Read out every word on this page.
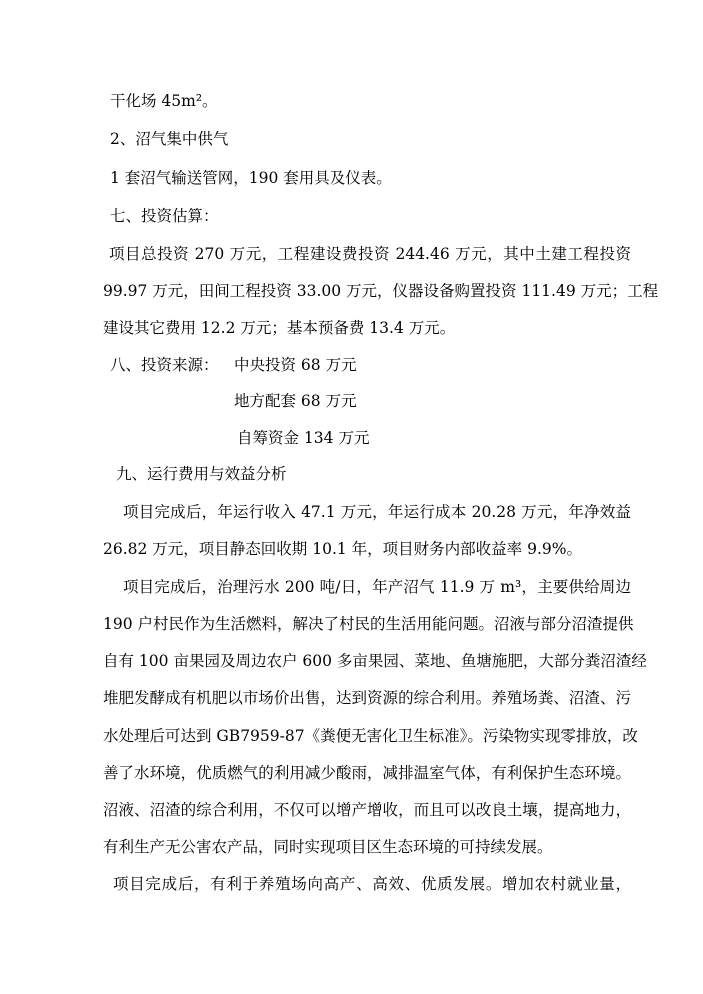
干化场 45m²。
2、沼气集中供气
1 套沼气输送管网，190 套用具及仪表。
七、投资估算：
项目总投资 270 万元，工程建设费投资 244.46 万元，其中土建工程投资
99.97 万元，田间工程投资 33.00 万元，仪器设备购置投资 111.49 万元；工程
建设其它费用 12.2 万元；基本预备费 13.4 万元。
八、投资来源： 中央投资 68 万元
地方配套 68 万元
自筹资金 134 万元
九、运行费用与效益分析
项目完成后，年运行收入 47.1 万元，年运行成本 20.28 万元，年净效益
26.82 万元，项目静态回收期 10.1 年，项目财务内部收益率 9.9%。
项目完成后，治理污水 200 吨/日，年产沼气 11.9 万 m³，主要供给周边
190 户村民作为生活燃料，解决了村民的生活用能问题。沼液与部分沼渣提供
自有 100 亩果园及周边农户 600 多亩果园、菜地、鱼塘施肥，大部分粪沼渣经
堆肥发酵成有机肥以市场价出售，达到资源的综合利用。养殖场粪、沼渣、污
水处理后可达到 GB7959-87《粪便无害化卫生标准》。污染物实现零排放，改
善了水环境，优质燃气的利用减少酸雨，减排温室气体，有利保护生态环境。
沼液、沼渣的综合利用，不仅可以增产增收，而且可以改良土壤，提高地力，
有利生产无公害农产品，同时实现项目区生态环境的可持续发展。
项目完成后，有利于养殖场向高产、高效、优质发展。增加农村就业量，
